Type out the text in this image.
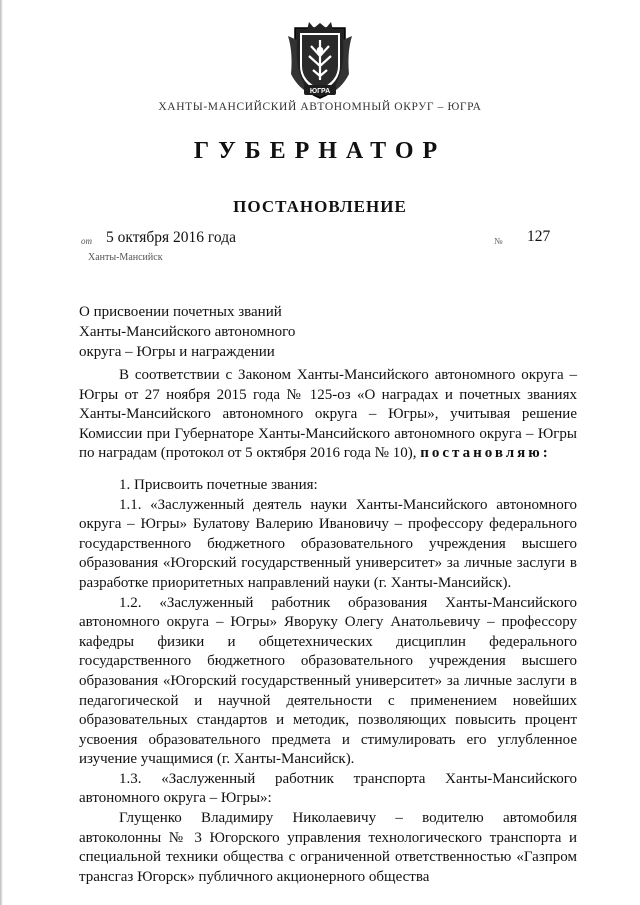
ЮГРА
ХАНТЫ-МАНСИЙСКИЙ АВТОНОМНЫЙ ОКРУГ – ЮГРА
ГУБЕРНАТОР
ПОСТАНОВЛЕНИЕ
от 5 октября 2016 года	№ 127
Ханты-Мансийск
О присвоении почетных званий
Ханты-Мансийского автономного
округа – Югры и награждении

В соответствии с Законом Ханты-Мансийского автономного округа – Югры от 27 ноября 2015 года № 125-оз «О наградах и почетных званиях Ханты-Мансийского автономного округа – Югры», учитывая решение Комиссии при Губернаторе Ханты-Мансийского автономного округа – Югры по наградам (протокол от 5 октября 2016 года № 10), постановляю:

1. Присвоить почетные звания:

1.1. «Заслуженный деятель науки Ханты-Мансийского автономного округа – Югры» Булатову Валерию Ивановичу – профессору федерального государственного бюджетного образовательного учреждения высшего образования «Югорский государственный университет» за личные заслуги в разработке приоритетных направлений науки (г. Ханты-Мансийск).

1.2. «Заслуженный работник образования Ханты-Мансийского автономного округа – Югры» Яворуку Олегу Анатольевичу – профессору кафедры физики и общетехнических дисциплин федерального государственного бюджетного образовательного учреждения высшего образования «Югорский государственный университет» за личные заслуги в педагогической и научной деятельности с применением новейших образовательных стандартов и методик, позволяющих повысить процент усвоения образовательного предмета и стимулировать его углубленное изучение учащимися (г. Ханты-Мансийск).

1.3. «Заслуженный работник транспорта Ханты-Мансийского автономного округа – Югры»:

Глущенко Владимиру Николаевичу – водителю автомобиля автоколонны № 3 Югорского управления технологического транспорта и специальной техники общества с ограниченной ответственностью «Газпром трансгаз Югорск» публичного акционерного общества
